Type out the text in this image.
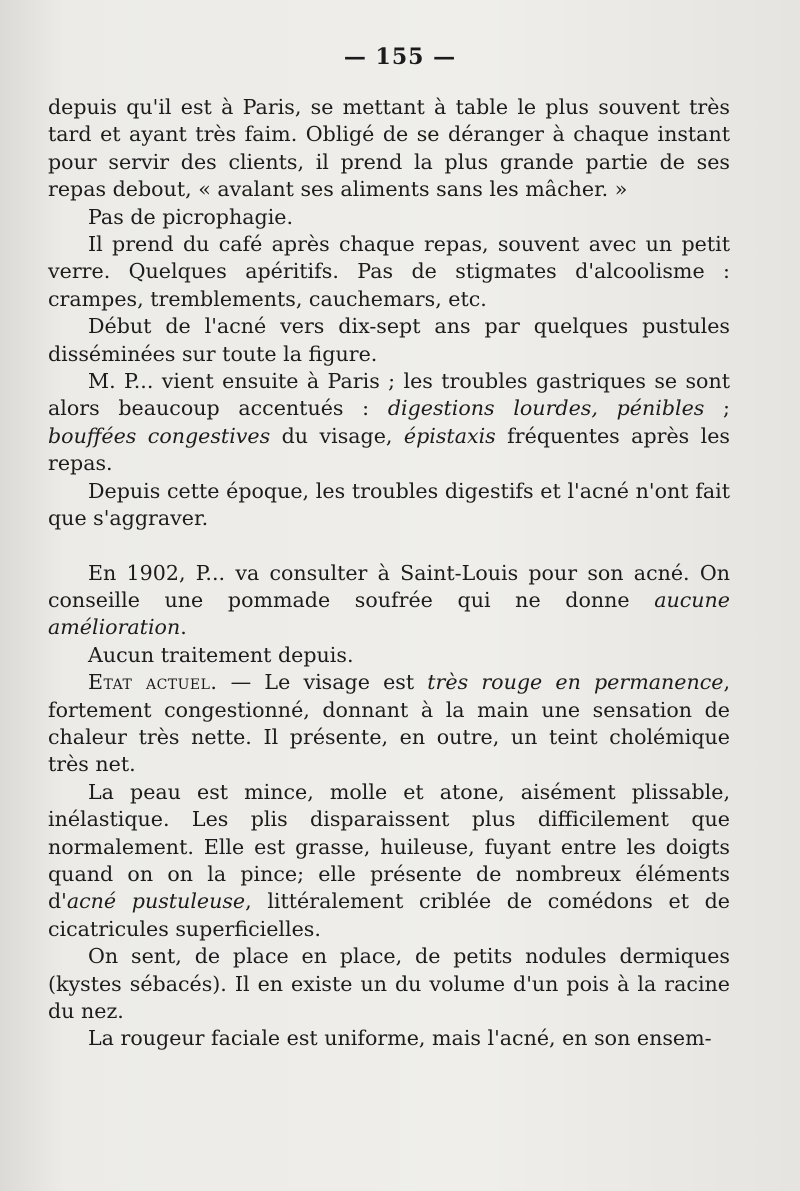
— 155 —

depuis qu'il est à Paris, se mettant à table le plus souvent très tard et ayant très faim. Obligé de se déranger à chaque instant pour servir des clients, il prend la plus grande partie de ses repas debout, « avalant ses aliments sans les mâcher. »

Pas de picrophagie.

Il prend du café après chaque repas, souvent avec un petit verre. Quelques apéritifs. Pas de stigmates d'alcoolisme : crampes, tremblements, cauchemars, etc.

Début de l'acné vers dix-sept ans par quelques pustules disséminées sur toute la figure.

M. P... vient ensuite à Paris ; les troubles gastriques se sont alors beaucoup accentués : digestions lourdes, pénibles ; bouffées congestives du visage, épistaxis fréquentes après les repas.

Depuis cette époque, les troubles digestifs et l'acné n'ont fait que s'aggraver.

En 1902, P... va consulter à Saint-Louis pour son acné. On conseille une pommade soufrée qui ne donne aucune amélioration.

Aucun traitement depuis.

Etat actuel. — Le visage est très rouge en permanence, fortement congestionné, donnant à la main une sensation de chaleur très nette. Il présente, en outre, un teint cholémique très net.

La peau est mince, molle et atone, aisément plissable, inélastique. Les plis disparaissent plus difficilement que normalement. Elle est grasse, huileuse, fuyant entre les doigts quand on on la pince; elle présente de nombreux éléments d'acné pustuleuse, littéralement criblée de comédons et de cicatricules superficielles.

On sent, de place en place, de petits nodules dermiques (kystes sébacés). Il en existe un du volume d'un pois à la racine du nez.

La rougeur faciale est uniforme, mais l'acné, en son ensem-
